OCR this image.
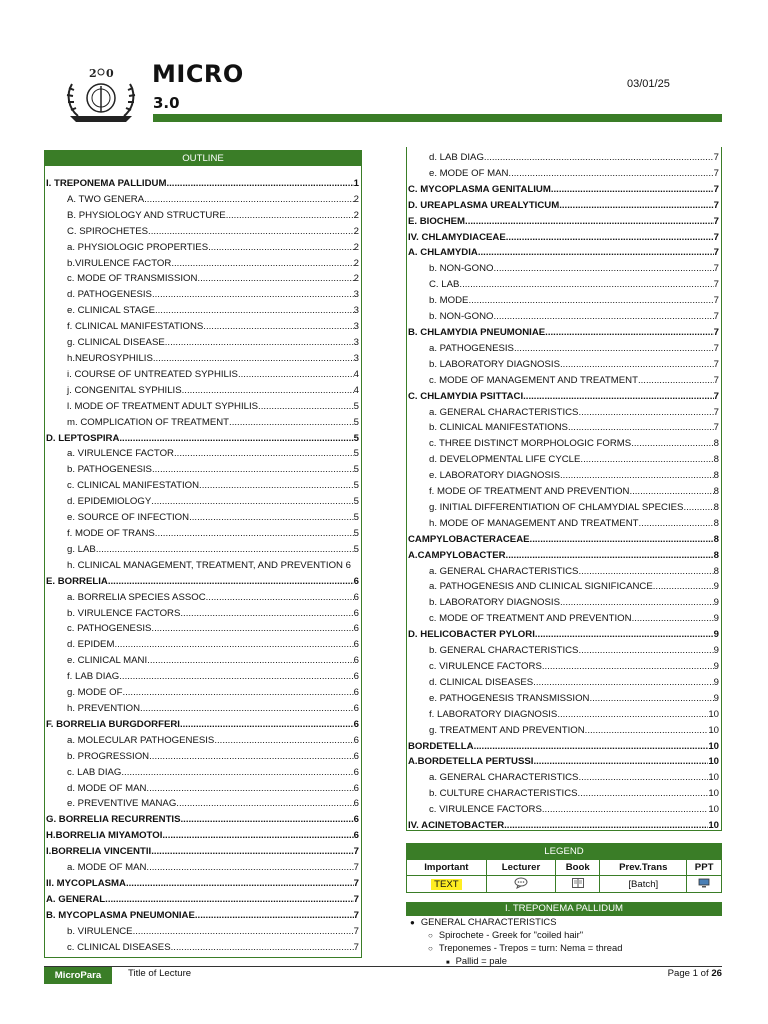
2 0 MICRO
3.0
03/01/25
OUTLINE
I. TREPONEMA PALLIDUM .....	1
A. TWO GENERA .....	2
B. PHYSIOLOGY AND STRUCTURE .....	2
C. SPIROCHETES .....	2
a. PHYSIOLOGIC PROPERTIES .....	2
b.VIRULENCE FACTOR .....	2
c. MODE OF TRANSMISSION .....	2
d. PATHOGENESIS .....	3
e. CLINICAL STAGE .....	3
f. CLINICAL MANIFESTATIONS .....	3
g. CLINICAL DISEASE .....	3
h.NEUROSYPHILIS .....	3
i. COURSE OF UNTREATED SYPHILIS .....	4
j. CONGENITAL SYPHILIS .....	4
l. MODE OF TREATMENT ADULT SYPHILIS .....	5
m. COMPLICATION OF TREATMENT .....	5
D. LEPTOSPIRA .....	5
a. VIRULENCE FACTOR .....	5
b. PATHOGENESIS .....	5
c. CLINICAL MANIFESTATION .....	5
d. EPIDEMIOLOGY .....	5
e. SOURCE OF INFECTION .....	5
f. MODE OF TRANS .....	5
g. LAB .....	5
h. CLINICAL MANAGEMENT, TREATMENT, AND PREVENTION 6
E. BORRELIA .....	6
a. BORRELIA SPECIES ASSOC .....	6
b. VIRULENCE FACTORS .....	6
c. PATHOGENESIS .....	6
d. EPIDEM .....	6
e. CLINICAL MANI .....	6
f. LAB DIAG .....	6
g. MODE OF .....	6
h. PREVENTION .....	6
F. BORRELIA BURGDORFERI .....	6
a. MOLECULAR PATHOGENESIS .....	6
b. PROGRESSION .....	6
c. LAB DIAG .....	6
d. MODE OF MAN .....	6
e. PREVENTIVE MANAG .....	6
G. BORRELIA RECURRENTIS .....	6
H.BORRELIA MIYAMOTOI .....	6
I.BORRELIA VINCENTII .....	7
a. MODE OF MAN .....	7
II. MYCOPLASMA .....	7
A. GENERAL .....	7
B. MYCOPLASMA PNEUMONIAE .....	7
b. VIRULENCE .....	7
c. CLINICAL DISEASES .....	7
d. LAB DIAG .....	7
e. MODE OF MAN .....	7
C. MYCOPLASMA GENITALIUM .....	7
D. UREAPLASMA UREALYTICUM .....	7
E. BIOCHEM .....	7
IV. CHLAMYDIACEAE .....	7
A. CHLAMYDIA .....	7
b. NON-GONO .....	7
C. LAB .....	7
b. MODE .....	7
b. NON-GONO .....	7
B. CHLAMYDIA PNEUMONIAE .....	7
a. PATHOGENESIS .....	7
b. LABORATORY DIAGNOSIS .....	7
c. MODE OF MANAGEMENT AND TREATMENT .....	7
C. CHLAMYDIA PSITTACI .....	7
a. GENERAL CHARACTERISTICS .....	7
b. CLINICAL MANIFESTATIONS .....	7
c. THREE DISTINCT MORPHOLOGIC FORMS .....	8
d. DEVELOPMENTAL LIFE CYCLE .....	8
e. LABORATORY DIAGNOSIS .....	8
f. MODE OF TREATMENT AND PREVENTION .....	8
g. INITIAL DIFFERENTIATION OF CHLAMYDIAL SPECIES .....	8
h. MODE OF MANAGEMENT AND TREATMENT .....	8
CAMPYLOBACTERACEAE .....	8
A.CAMPYLOBACTER .....	8
a. GENERAL CHARACTERISTICS .....	8
a. PATHOGENESIS AND CLINICAL SIGNIFICANCE .....	9
b. LABORATORY DIAGNOSIS .....	9
c. MODE OF TREATMENT AND PREVENTION .....	9
D. HELICOBACTER PYLORI .....	9
b. GENERAL CHARACTERISTICS .....	9
c. VIRULENCE FACTORS .....	9
d. CLINICAL DISEASES .....	9
e. PATHOGENESIS TRANSMISSION .....	9
f. LABORATORY DIAGNOSIS .....	10
g. TREATMENT AND PREVENTION .....	10
BORDETELLA .....	10
A.BORDETELLA PERTUSSI .....	10
a. GENERAL CHARACTERISTICS .....	10
b. CULTURE CHARACTERISTICS .....	10
c. VIRULENCE FACTORS .....	10
IV. ACINETOBACTER .....	10
LEGEND				
Important	Lecturer	Book	Prev.Trans	PPT
TEXT			[Batch]	
I. TREPONEMA PALLIDUM
● GENERAL CHARACTERISTICS
○ Spirochete - Greek for "coiled hair"
○ Treponemes - Trepos = turn: Nema = thread
■ Pallid = pale
MicroPara	Title of Lecture	Page 1 of 26
